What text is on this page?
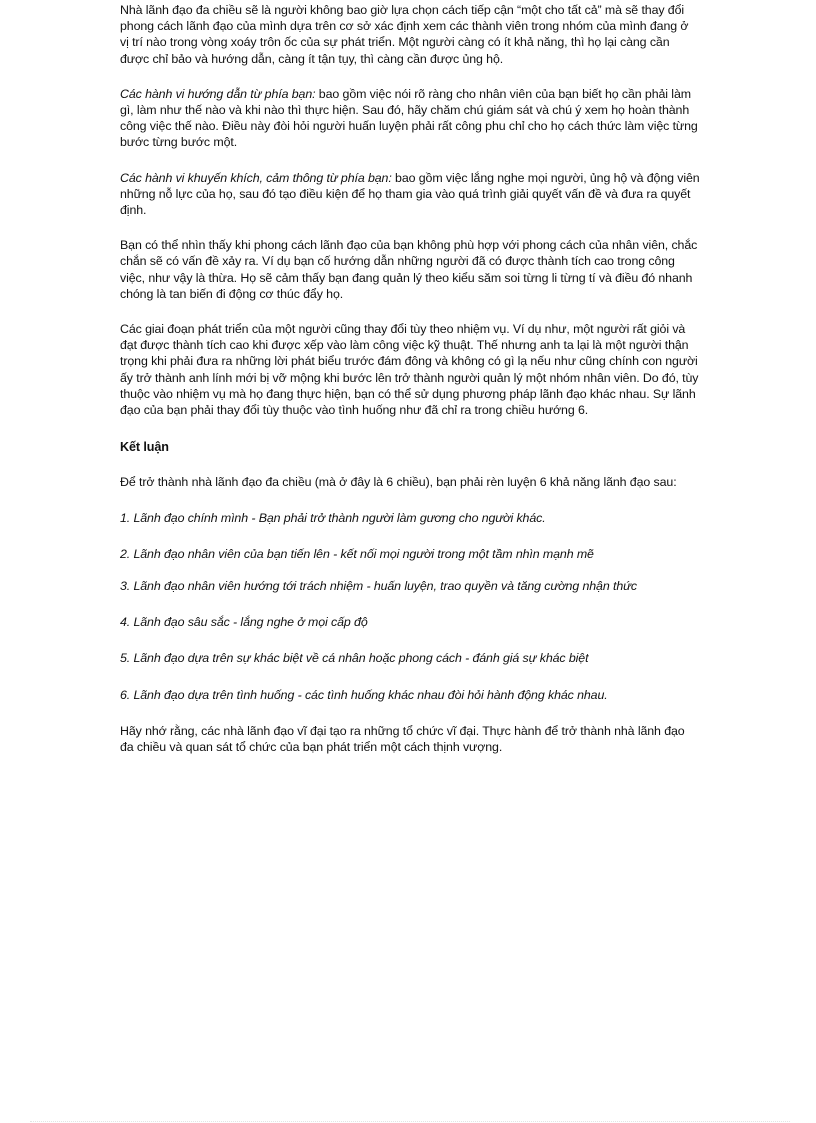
Nhà lãnh đạo đa chiều sẽ là người không bao giờ lựa chọn cách tiếp cận “một cho tất cả” mà sẽ thay đổi phong cách lãnh đạo của mình dựa trên cơ sở xác định xem các thành viên trong nhóm của mình đang ở vị trí nào trong vòng xoáy trôn ốc của sự phát triển. Một người càng có ít khả năng, thì họ lại càng cần được chỉ bảo và hướng dẫn, càng ít tận tụy, thì càng cần được ủng hộ.

Các hành vi hướng dẫn từ phía bạn: bao gồm việc nói rõ ràng cho nhân viên của bạn biết họ cần phải làm gì, làm như thế nào và khi nào thì thực hiện. Sau đó, hãy chăm chú giám sát và chú ý xem họ hoàn thành công việc thế nào. Điều này đòi hỏi người huấn luyện phải rất công phu chỉ cho họ cách thức làm việc từng bước từng bước một.

Các hành vi khuyến khích, cảm thông từ phía bạn: bao gồm việc lắng nghe mọi người, ủng hộ và động viên những nỗ lực của họ, sau đó tạo điều kiện để họ tham gia vào quá trình giải quyết vấn đề và đưa ra quyết định.

Bạn có thể nhìn thấy khi phong cách lãnh đạo của bạn không phù hợp với phong cách của nhân viên, chắc chắn sẽ có vấn đề xảy ra. Ví dụ bạn cố hướng dẫn những người đã có được thành tích cao trong công việc, như vậy là thừa. Họ sẽ cảm thấy bạn đang quản lý theo kiểu săm soi từng li từng tí và điều đó nhanh chóng là tan biến đi động cơ thúc đẩy họ.

Các giai đoạn phát triển của một người cũng thay đổi tùy theo nhiệm vụ. Ví dụ như, một người rất giỏi và đạt được thành tích cao khi được xếp vào làm công việc kỹ thuật. Thế nhưng anh ta lại là một người thận trọng khi phải đưa ra những lời phát biểu trước đám đông và không có gì lạ nếu như cũng chính con người ấy trở thành anh lính mới bị vỡ mộng khi bước lên trở thành người quản lý một nhóm nhân viên. Do đó, tùy thuộc vào nhiệm vụ mà họ đang thực hiện, bạn có thể sử dụng phương pháp lãnh đạo khác nhau. Sự lãnh đạo của bạn phải thay đổi tùy thuộc vào tình huống như đã chỉ ra trong chiều hướng 6.

Kết luận

Để trở thành nhà lãnh đạo đa chiều (mà ở đây là 6 chiều), bạn phải rèn luyện 6 khả năng lãnh đạo sau:

1. Lãnh đạo chính mình - Bạn phải trở thành người làm gương cho người khác.

2. Lãnh đạo nhân viên của bạn tiến lên - kết nối mọi người trong một tầm nhìn mạnh mẽ

3. Lãnh đạo nhân viên hướng tới trách nhiệm - huấn luyện, trao quyền và tăng cường nhận thức

4. Lãnh đạo sâu sắc - lắng nghe ở mọi cấp độ

5. Lãnh đạo dựa trên sự khác biệt về cá nhân hoặc phong cách - đánh giá sự khác biệt

6. Lãnh đạo dựa trên tình huống - các tình huống khác nhau đòi hỏi hành động khác nhau.

Hãy nhớ rằng, các nhà lãnh đạo vĩ đại tạo ra những tổ chức vĩ đại. Thực hành để trở thành nhà lãnh đạo đa chiều và quan sát tổ chức của bạn phát triển một cách thịnh vượng.
